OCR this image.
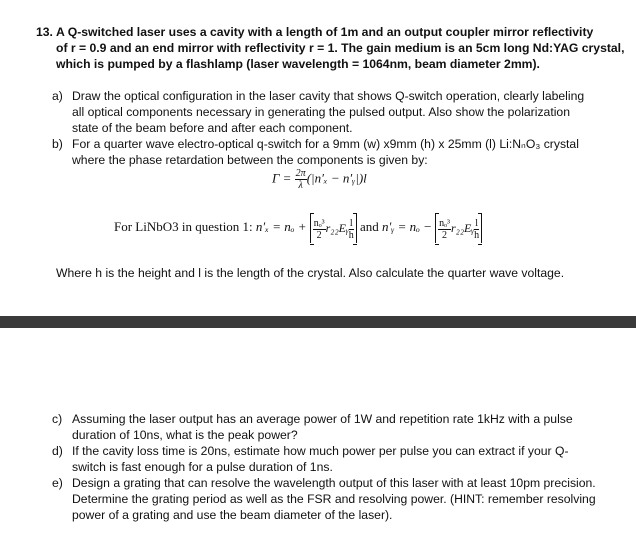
13. A Q-switched laser uses a cavity with a length of 1m and an output coupler mirror reflectivity
of r = 0.9 and an end mirror with reflectivity r = 1. The gain medium is an 5cm long Nd:YAG crystal,
which is pumped by a flashlamp (laser wavelength = 1064nm, beam diameter 2mm).
a) Draw the optical configuration in the laser cavity that shows Q-switch operation, clearly labeling
all optical components necessary in generating the pulsed output. Also show the polarization
state of the beam before and after each component.
b) For a quarter wave electro-optical q-switch for a 9mm (w) x9mm (h) x 25mm (l) Li:NₙO₃ crystal
where the phase retardation between the components is given by:
$\Gamma = \frac{2\pi}{\lambda} (|n'_x$ − n′ᵧ|)l
For LiNbO3 in question 1: $n'_x = n_o + \frac{\text{nₒ³}}{2}$ r₂₂Eᵧ $\frac{l}{h}$ and n′ᵧ = $n_o - \frac{\text{nₒ³}}{2}$ r₂₂Eᵧ $\frac{l}{h}$
Where h is the height and l is the length of the crystal. Also calculate the quarter wave voltage.
c) Assuming the laser output has an average power of 1W and repetition rate 1kHz with a pulse
duration of 10ns, what is the peak power?
d) If the cavity loss time is 20ns, estimate how much power per pulse you can extract if your Q-
switch is fast enough for a pulse duration of 1ns.
e) Design a grating that can resolve the wavelength output of this laser with at least 10pm precision.
Determine the grating period as well as the FSR and resolving power. (HINT: remember resolving
power of a grating and use the beam diameter of the laser).
